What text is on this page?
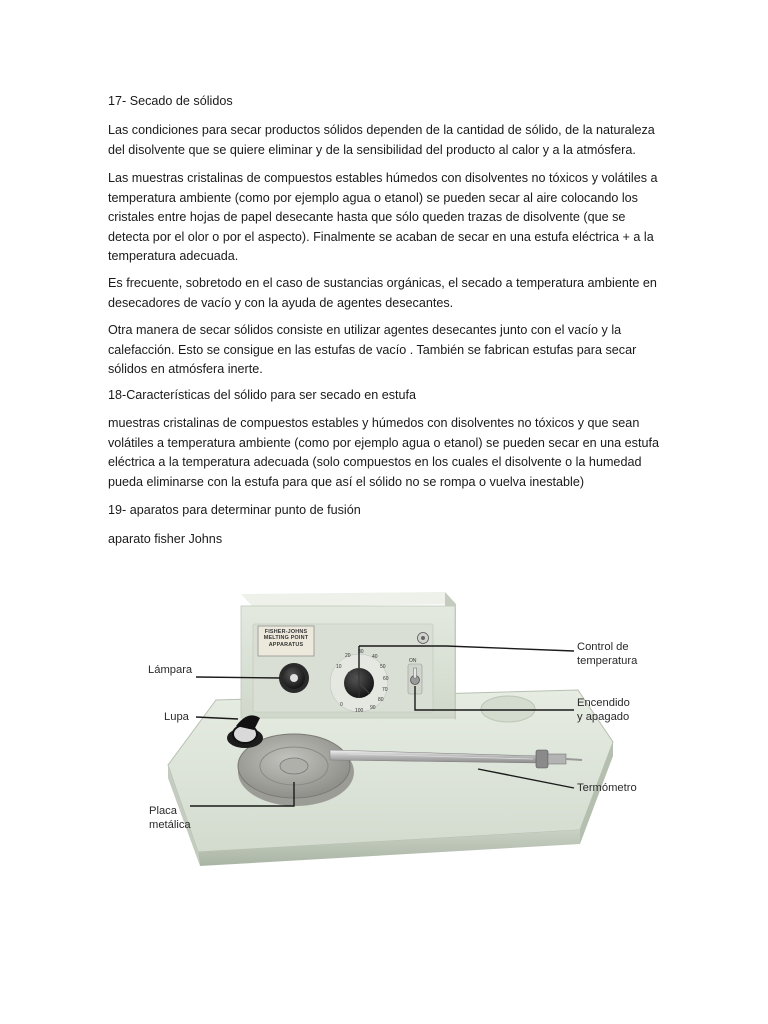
17- Secado de sólidos

Las condiciones para secar productos sólidos dependen de la cantidad de sólido, de la naturaleza del disolvente que se quiere eliminar y de la sensibilidad del producto al calor y a la atmósfera.

Las muestras cristalinas de compuestos estables húmedos con disolventes no tóxicos y volátiles a temperatura ambiente (como por ejemplo agua o etanol) se pueden secar al aire colocando los cristales entre hojas de papel desecante hasta que sólo queden trazas de disolvente (que se detecta por el olor o por el aspecto). Finalmente se acaban de secar en una estufa eléctrica + a la temperatura adecuada.

Es frecuente, sobretodo en el caso de sustancias orgánicas, el secado a temperatura ambiente en desecadores de vacío y con la ayuda de agentes desecantes.

Otra manera de secar sólidos consiste en utilizar agentes desecantes junto con el vacío y la calefacción. Esto se consigue en las estufas de vacío . También se fabrican estufas para secar sólidos en atmósfera inerte.

18-Características del sólido para ser secado en estufa

muestras cristalinas de compuestos estables y húmedos con disolventes no tóxicos y que sean volátiles a temperatura ambiente (como por ejemplo agua o etanol) se pueden secar en una estufa eléctrica a la temperatura adecuada (solo compuestos en los cuales el disolvente o la humedad pueda eliminarse con la estufa para que así el sólido no se rompa o vuelva inestable)

19- aparatos para determinar punto de fusión

aparato fisher Johns

10
20
30
40
50
60
70
80
90
100
0
ON
FISHER-JOHNS
MELTING POINT
APPARATUS
Lámpara
Lupa
Placa
metálica
Control de
temperatura
Encendido
y apagado
Termómetro
